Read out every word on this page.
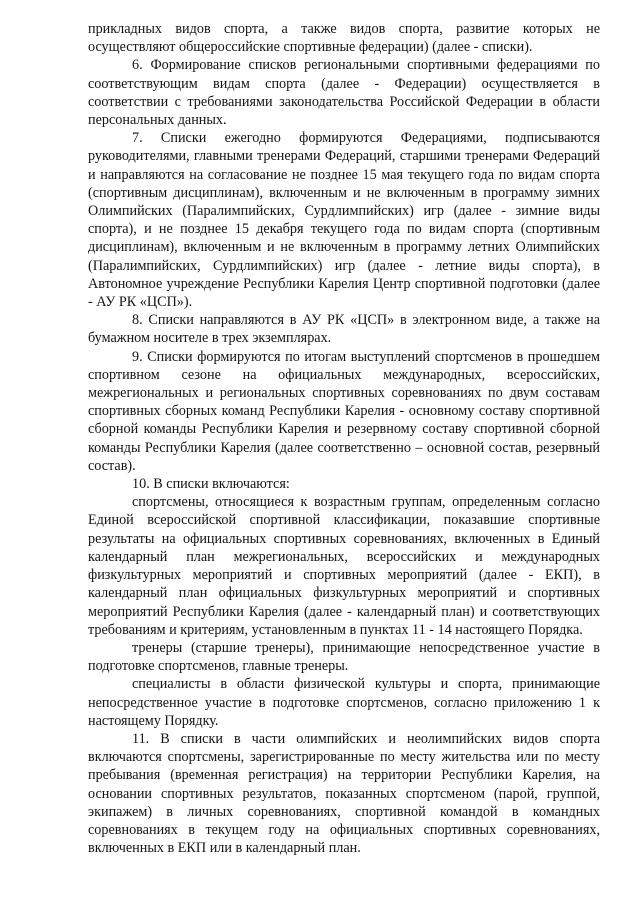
прикладных видов спорта, а также видов спорта, развитие которых не осуществляют общероссийские спортивные федерации) (далее - списки).

6. Формирование списков региональными спортивными федерациями по соответствующим видам спорта (далее - Федерации) осуществляется в соответствии с требованиями законодательства Российской Федерации в области персональных данных.

7. Списки ежегодно формируются Федерациями, подписываются руководителями, главными тренерами Федераций, старшими тренерами Федераций и направляются на согласование не позднее 15 мая текущего года по видам спорта (спортивным дисциплинам), включенным и не включенным в программу зимних Олимпийских (Паралимпийских, Сурдлимпийских) игр (далее - зимние виды спорта), и не позднее 15 декабря текущего года по видам спорта (спортивным дисциплинам), включенным и не включенным в программу летних Олимпийских (Паралимпийских, Сурдлимпийских) игр (далее - летние виды спорта), в Автономное учреждение Республики Карелия Центр спортивной подготовки (далее - АУ РК «ЦСП»).

8. Списки направляются в АУ РК «ЦСП» в электронном виде, а также на бумажном носителе в трех экземплярах.

9. Списки формируются по итогам выступлений спортсменов в прошедшем спортивном сезоне на официальных международных, всероссийских, межрегиональных и региональных спортивных соревнованиях по двум составам спортивных сборных команд Республики Карелия - основному составу спортивной сборной команды Республики Карелия и резервному составу спортивной сборной команды Республики Карелия (далее соответственно – основной состав, резервный состав).

10. В списки включаются:

спортсмены, относящиеся к возрастным группам, определенным согласно Единой всероссийской спортивной классификации, показавшие спортивные результаты на официальных спортивных соревнованиях, включенных в Единый календарный план межрегиональных, всероссийских и международных физкультурных мероприятий и спортивных мероприятий (далее - ЕКП), в календарный план официальных физкультурных мероприятий и спортивных мероприятий Республики Карелия (далее - календарный план) и соответствующих требованиям и критериям, установленным в пунктах 11 - 14 настоящего Порядка.

тренеры (старшие тренеры), принимающие непосредственное участие в подготовке спортсменов, главные тренеры.

специалисты в области физической культуры и спорта, принимающие непосредственное участие в подготовке спортсменов, согласно приложению 1 к настоящему Порядку.

11. В списки в части олимпийских и неолимпийских видов спорта включаются спортсмены, зарегистрированные по месту жительства или по месту пребывания (временная регистрация) на территории Республики Карелия, на основании спортивных результатов, показанных спортсменом (парой, группой, экипажем) в личных соревнованиях, спортивной командой в командных соревнованиях в текущем году на официальных спортивных соревнованиях, включенных в ЕКП или в календарный план.
